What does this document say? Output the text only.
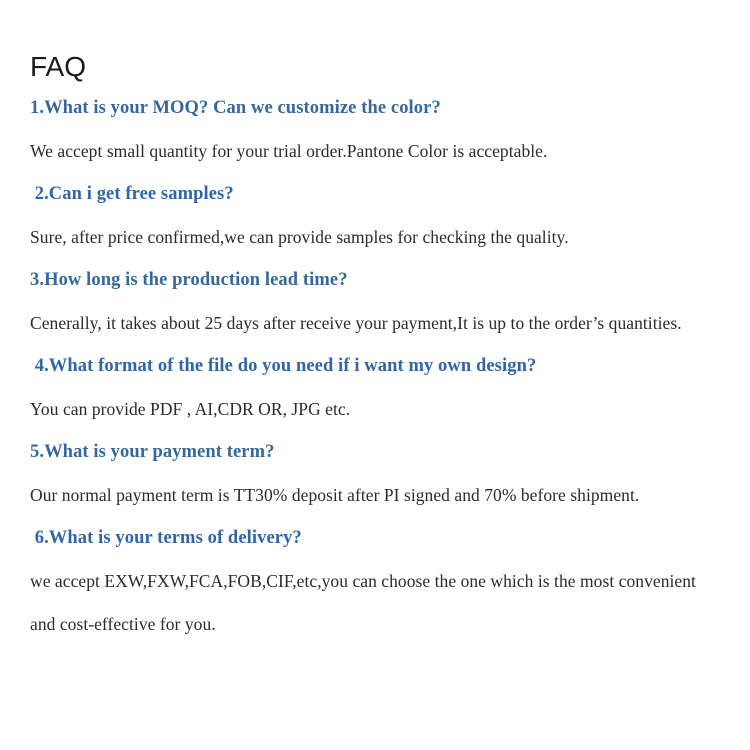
FAQ
1.What is your MOQ? Can we customize the color?
We accept small quantity for your trial order.Pantone Color is acceptable.
2.Can i get free samples?
Sure, after price confirmed,we can provide samples for checking the quality.
3.How long is the production lead time?
Cenerally, it takes about 25 days after receive your payment,It is up to the order’s quantities.
4.What format of the file do you need if i want my own design?
You can provide PDF , AI,CDR OR, JPG etc.
5.What is your payment term?
Our normal payment term is TT30% deposit after PI signed and 70% before shipment.
6.What is your terms of delivery?
we accept EXW,FXW,FCA,FOB,CIF,etc,you can choose the one which is the most convenient
and cost-effective for you.
